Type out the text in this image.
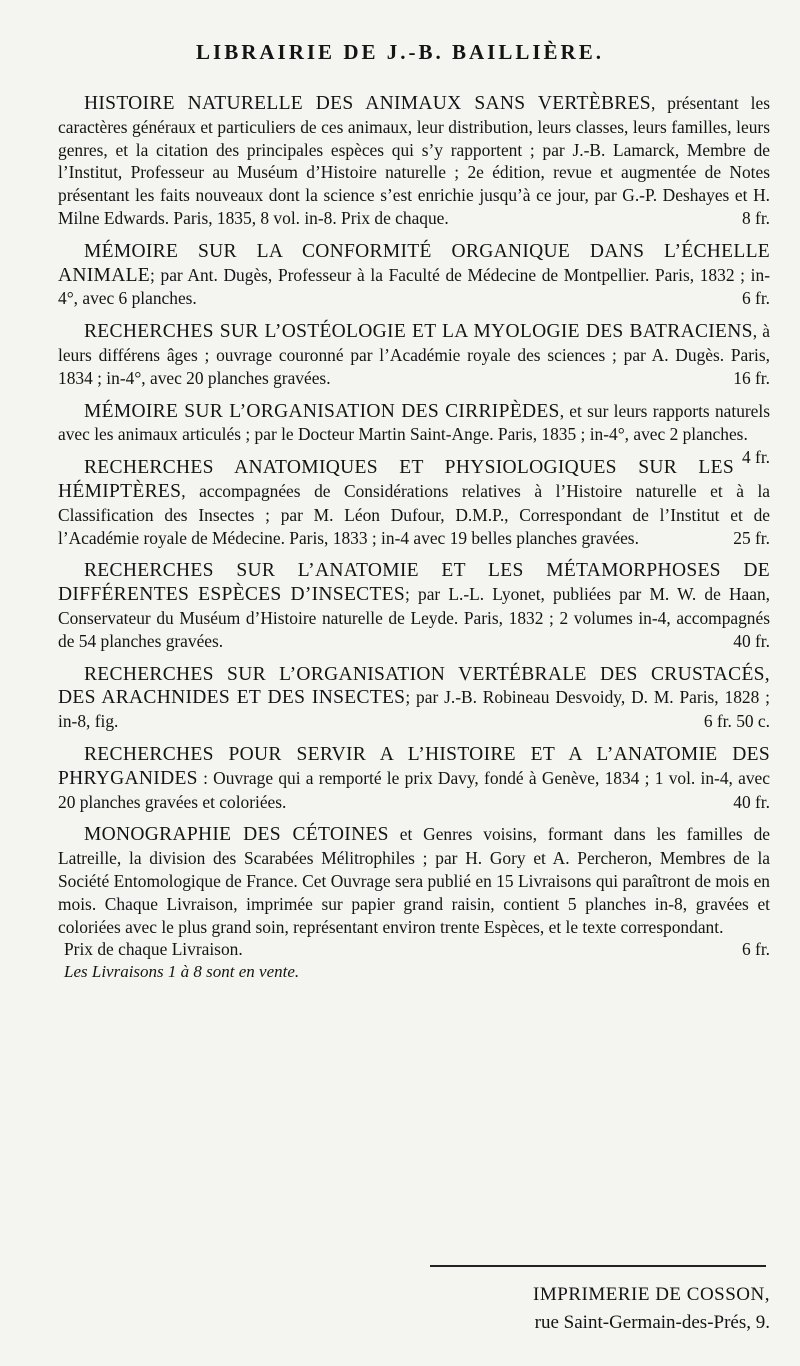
LIBRAIRIE DE J.-B. BAILLIÈRE.

HISTOIRE NATURELLE DES ANIMAUX SANS VERTÈBRES, présentant les caractères généraux et particuliers de ces animaux, leur distribution, leurs classes, leurs familles, leurs genres, et la citation des principales espèces qui s’y rapportent ; par J.-B. Lamarck, Membre de l’Institut, Professeur au Muséum d’Histoire naturelle ; 2e édition, revue et augmentée de Notes présentant les faits nouveaux dont la science s’est enrichie jusqu’à ce jour, par G.-P. Deshayes et H. Milne Edwards. Paris, 1835, 8 vol. in-8. Prix de chaque.	8 fr.

MÉMOIRE SUR LA CONFORMITÉ ORGANIQUE DANS L’ÉCHELLE ANIMALE; par Ant. Dugès, Professeur à la Faculté de Médecine de Montpellier. Paris, 1832 ; in-4°, avec 6 planches.	6 fr.

RECHERCHES SUR L’OSTÉOLOGIE ET LA MYOLOGIE DES BATRACIENS, à leurs différens âges ; ouvrage couronné par l’Académie royale des sciences ; par A. Dugès. Paris, 1834 ; in-4°, avec 20 planches gravées.	16 fr.

MÉMOIRE SUR L’ORGANISATION DES CIRRIPÈDES, et sur leurs rapports naturels avec les animaux articulés ; par le Docteur Martin Saint-Ange. Paris, 1835 ; in-4°, avec 2 planches.
4 fr.

RECHERCHES ANATOMIQUES ET PHYSIOLOGIQUES SUR LES HÉMIPTÈRES, accompagnées de Considérations relatives à l’Histoire naturelle et à la Classification des Insectes ; par M. Léon Dufour, D.M.P., Correspondant de l’Institut et de l’Académie royale de Médecine. Paris, 1833 ; in-4 avec 19 belles planches gravées.	25 fr.

RECHERCHES SUR L’ANATOMIE ET LES MÉTAMORPHOSES DE DIFFÉRENTES ESPÈCES D’INSECTES; par L.-L. Lyonet, publiées par M. W. de Haan, Conservateur du Muséum d’Histoire naturelle de Leyde. Paris, 1832 ; 2 volumes in-4, accompagnés de 54 planches gravées.	40 fr.

RECHERCHES SUR L’ORGANISATION VERTÉBRALE DES CRUSTACÉS, DES ARACHNIDES ET DES INSECTES; par J.-B. Robineau Desvoidy, D. M. Paris, 1828 ; in-8, fig.	6 fr. 50 c.

RECHERCHES POUR SERVIR A L’HISTOIRE ET A L’ANATOMIE DES PHRYGANIDES : Ouvrage qui a remporté le prix Davy, fondé à Genève, 1834 ; 1 vol. in-4, avec 20 planches gravées et coloriées.	40 fr.

MONOGRAPHIE DES CÉTOINES et Genres voisins, formant dans les familles de Latreille, la division des Scarabées Mélitrophiles ; par H. Gory et A. Percheron, Membres de la Société Entomologique de France. Cet Ouvrage sera publié en 15 Livraisons qui paraîtront de mois en mois. Chaque Livraison, imprimée sur papier grand raisin, contient 5 planches in-8, gravées et coloriées avec le plus grand soin, représentant environ trente Espèces, et le texte correspondant.

Prix de chaque Livraison.	6 fr.
Les Livraisons 1 à 8 sont en vente.
IMPRIMERIE DE COSSON,
rue Saint-Germain-des-Prés, 9.
